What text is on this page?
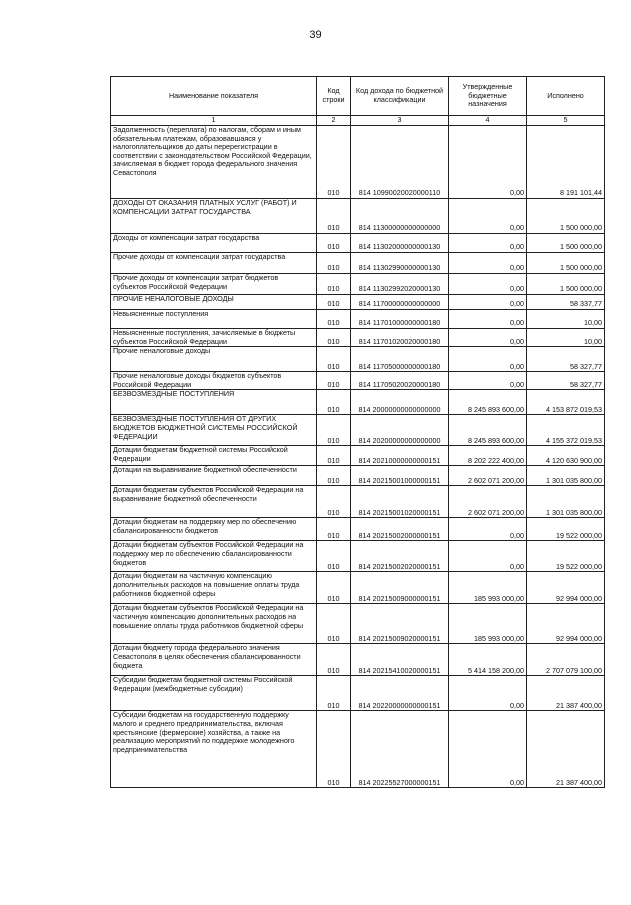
39
Наименование показателя	Код строки	Код дохода по бюджетной классификации	Утвержденные бюджетные назначения	Исполнено
1	2	3	4	5
Задолженность (переплата) по налогам, сборам и иным обязательным платежам, образовавшаяся у налогоплательщиков до даты перерегистрации в соответствии с законодательством Российской Федерации, зачисляемая в бюджет города федерального значения Севастополя	010	814 10990020020000110	0,00	8 191 101,44
ДОХОДЫ ОТ ОКАЗАНИЯ ПЛАТНЫХ УСЛУГ (РАБОТ) И КОМПЕНСАЦИИ ЗАТРАТ ГОСУДАРСТВА	010	814 11300000000000000	0,00	1 500 000,00
Доходы от компенсации затрат государства	010	814 11302000000000130	0,00	1 500 000,00
Прочие доходы от компенсации затрат государства	010	814 11302990000000130	0,00	1 500 000,00
Прочие доходы от компенсации затрат бюджетов субъектов Российской Федерации	010	814 11302992020000130	0,00	1 500 000,00
ПРОЧИЕ НЕНАЛОГОВЫЕ ДОХОДЫ	010	814 11700000000000000	0,00	58 337,77
Невыясненные поступления	010	814 11701000000000180	0,00	10,00
Невыясненные поступления, зачисляемые в бюджеты субъектов Российской Федерации	010	814 11701020020000180	0,00	10,00
Прочие неналоговые доходы	010	814 11705000000000180	0,00	58 327,77
Прочие неналоговые доходы бюджетов субъектов Российской Федерации	010	814 11705020020000180	0,00	58 327,77
БЕЗВОЗМЕЗДНЫЕ ПОСТУПЛЕНИЯ	010	814 20000000000000000	8 245 893 600,00	4 153 872 019,53
БЕЗВОЗМЕЗДНЫЕ ПОСТУПЛЕНИЯ ОТ ДРУГИХ БЮДЖЕТОВ БЮДЖЕТНОЙ СИСТЕМЫ РОССИЙСКОЙ ФЕДЕРАЦИИ	010	814 20200000000000000	8 245 893 600,00	4 155 372 019,53
Дотации бюджетам бюджетной системы Российской Федерации	010	814 20210000000000151	8 202 222 400,00	4 120 630 900,00
Дотации на выравнивание бюджетной обеспеченности	010	814 20215001000000151	2 602 071 200,00	1 301 035 800,00
Дотации бюджетам субъектов Российской Федерации на выравнивание бюджетной обеспеченности	010	814 20215001020000151	2 602 071 200,00	1 301 035 800,00
Дотации бюджетам на поддержку мер по обеспечению сбалансированности бюджетов	010	814 20215002000000151	0,00	19 522 000,00
Дотации бюджетам субъектов Российской Федерации на поддержку мер по обеспечению сбалансированности бюджетов	010	814 20215002020000151	0,00	19 522 000,00
Дотации бюджетам на частичную компенсацию дополнительных расходов на повышение оплаты труда работников бюджетной сферы	010	814 20215009000000151	185 993 000,00	92 994 000,00
Дотации бюджетам субъектов Российской Федерации на частичную компенсацию дополнительных расходов на повышение оплаты труда работников бюджетной сферы	010	814 20215009020000151	185 993 000,00	92 994 000,00
Дотации бюджету города федерального значения Севастополя в целях обеспечения сбалансированности бюджета	010	814 20215410020000151	5 414 158 200,00	2 707 079 100,00
Субсидии бюджетам бюджетной системы Российской Федерации (межбюджетные субсидии)	010	814 20220000000000151	0,00	21 387 400,00
Субсидии бюджетам на государственную поддержку малого и среднего предпринимательства, включая крестьянские (фермерские) хозяйства, а также на реализацию мероприятий по поддержке молодежного предпринимательства	010	814 20225527000000151	0,00	21 387 400,00
